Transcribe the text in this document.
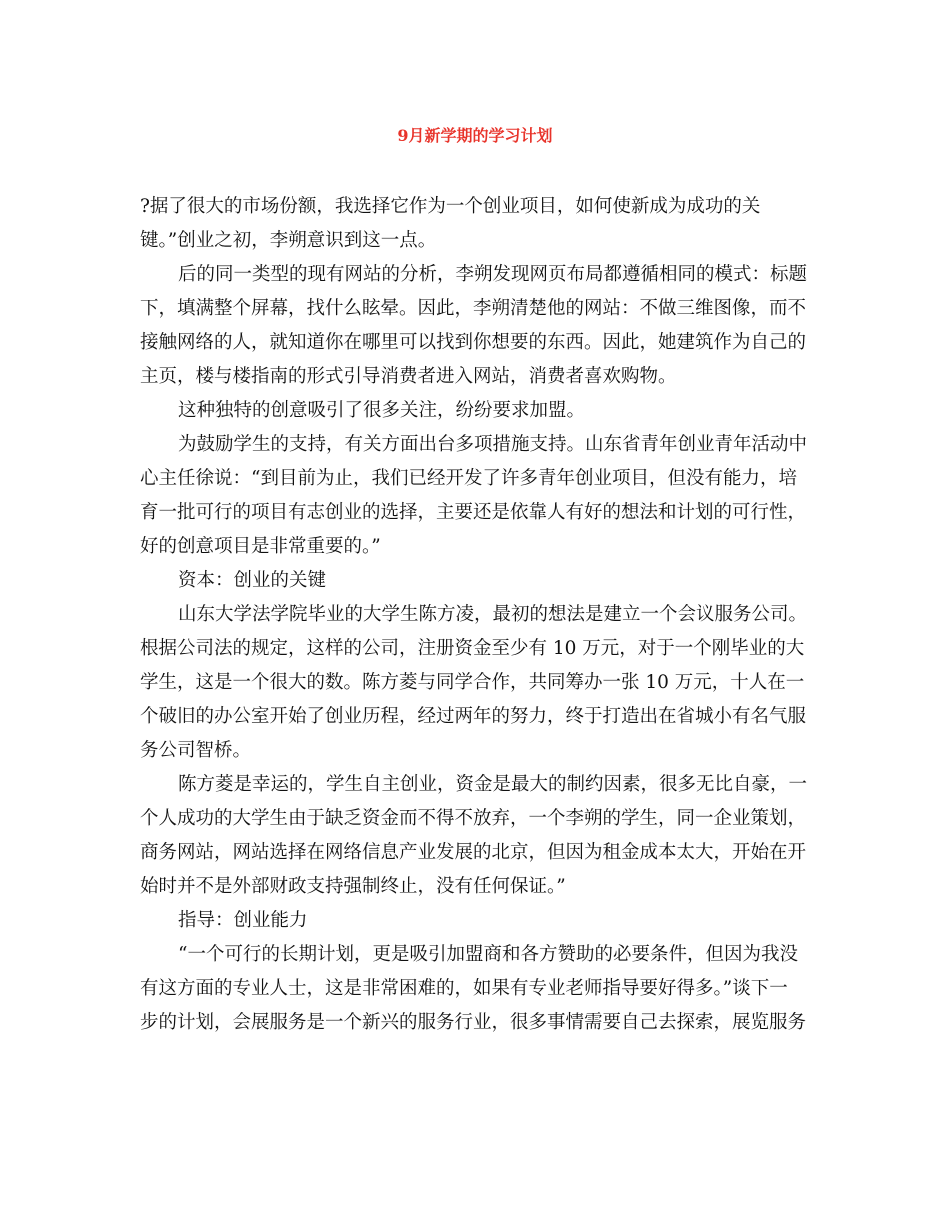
9月新学期的学习计划
?据了很大的市场份额，我选择它作为一个创业项目，如何使新成为成功的关
键。”创业之初，李朔意识到这一点。
后的同一类型的现有网站的分析，李朔发现网页布局都遵循相同的模式：标题
下，填满整个屏幕，找什么眩晕。因此，李朔清楚他的网站：不做三维图像，而不
接触网络的人，就知道你在哪里可以找到你想要的东西。因此，她建筑作为自己的
主页，楼与楼指南的形式引导消费者进入网站，消费者喜欢购物。
这种独特的创意吸引了很多关注，纷纷要求加盟。
为鼓励学生的支持，有关方面出台多项措施支持。山东省青年创业青年活动中
心主任徐说：“到目前为止，我们已经开发了许多青年创业项目，但没有能力，培
育一批可行的项目有志创业的选择，主要还是依靠人有好的想法和计划的可行性，
好的创意项目是非常重要的。”
资本：创业的关键
山东大学法学院毕业的大学生陈方凌，最初的想法是建立一个会议服务公司。
根据公司法的规定，这样的公司，注册资金至少有 10 万元，对于一个刚毕业的大
学生，这是一个很大的数。陈方菱与同学合作，共同筹办一张 10 万元，十人在一
个破旧的办公室开始了创业历程，经过两年的努力，终于打造出在省城小有名气服
务公司智桥。
陈方菱是幸运的，学生自主创业，资金是最大的制约因素，很多无比自豪，一
个人成功的大学生由于缺乏资金而不得不放弃，一个李朔的学生，同一企业策划，
商务网站，网站选择在网络信息产业发展的北京，但因为租金成本太大，开始在开
始时并不是外部财政支持强制终止，没有任何保证。”
指导：创业能力
“一个可行的长期计划，更是吸引加盟商和各方赞助的必要条件，但因为我没
有这方面的专业人士，这是非常困难的，如果有专业老师指导要好得多。”谈下一
步的计划，会展服务是一个新兴的服务行业，很多事情需要自己去探索，展览服务
